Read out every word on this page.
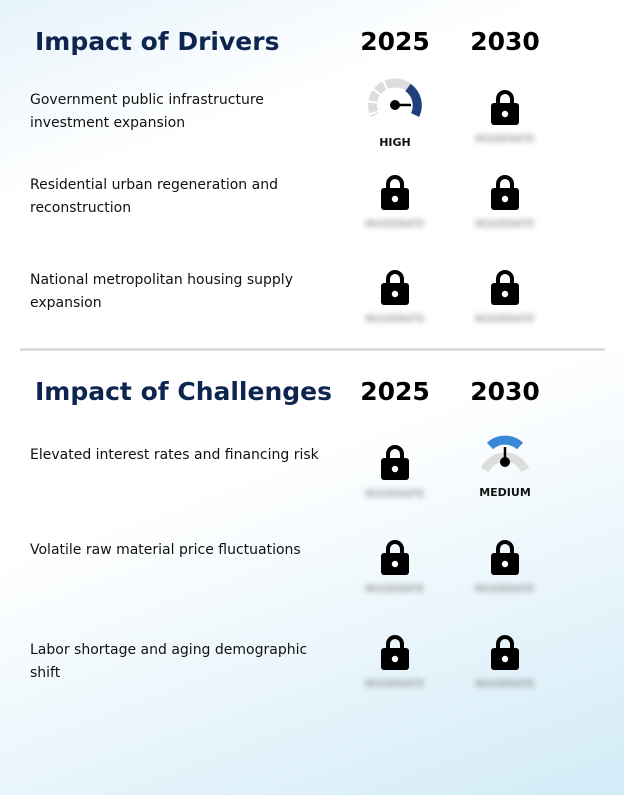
Impact of Drivers	2025	2030
Government public infrastructure investment expansion
HIGH	MODERATE
Residential urban regeneration and reconstruction
MODERATE	MODERATE
National metropolitan housing supply expansion
MODERATE	MODERATE
Impact of Challenges	2025	2030
Elevated interest rates and financing risk
MODERATE	MEDIUM
Volatile raw material price fluctuations
MODERATE	MODERATE
Labor shortage and aging demographic shift
MODERATE	MODERATE
